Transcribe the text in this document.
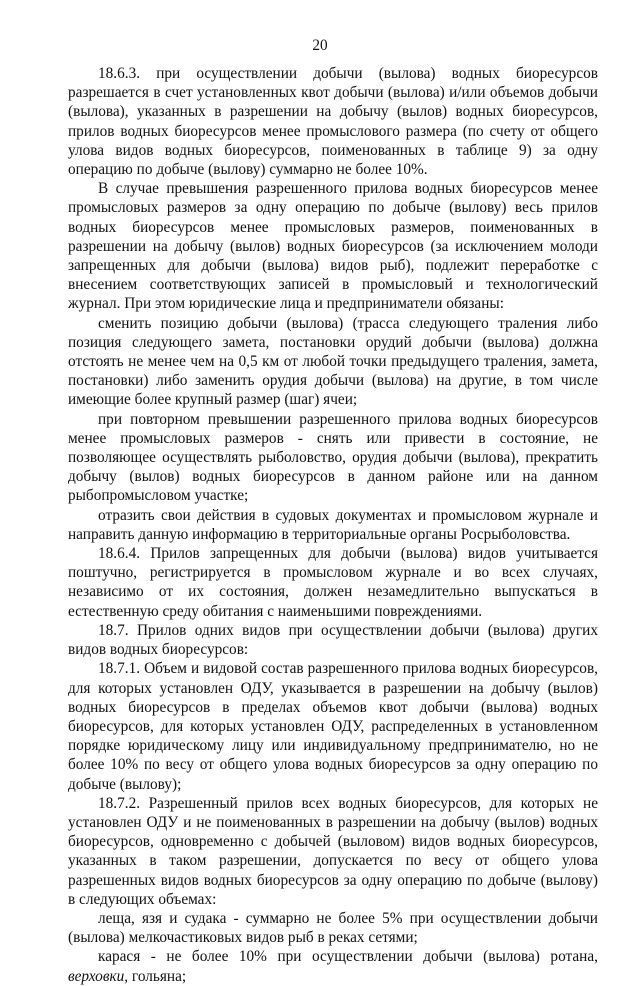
20

18.6.3. при осуществлении добычи (вылова) водных биоресурсов разрешается в счет установленных квот добычи (вылова) и/или объемов добычи (вылова), указанных в разрешении на добычу (вылов) водных биоресурсов, прилов водных биоресурсов менее промыслового размера (по счету от общего улова видов водных биоресурсов, поименованных в таблице 9) за одну операцию по добыче (вылову) суммарно не более 10%.

В случае превышения разрешенного прилова водных биоресурсов менее промысловых размеров за одну операцию по добыче (вылову) весь прилов водных биоресурсов менее промысловых размеров, поименованных в разрешении на добычу (вылов) водных биоресурсов (за исключением молоди запрещенных для добычи (вылова) видов рыб), подлежит переработке с внесением соответствующих записей в промысловый и технологический журнал. При этом юридические лица и предприниматели обязаны:

сменить позицию добычи (вылова) (трасса следующего траления либо позиция следующего замета, постановки орудий добычи (вылова) должна отстоять не менее чем на 0,5 км от любой точки предыдущего траления, замета, постановки) либо заменить орудия добычи (вылова) на другие, в том числе имеющие более крупный размер (шаг) ячеи;

при повторном превышении разрешенного прилова водных биоресурсов менее промысловых размеров - снять или привести в состояние, не позволяющее осуществлять рыболовство, орудия добычи (вылова), прекратить добычу (вылов) водных биоресурсов в данном районе или на данном рыбопромысловом участке;

отразить свои действия в судовых документах и промысловом журнале и направить данную информацию в территориальные органы Росрыболовства.

18.6.4. Прилов запрещенных для добычи (вылова) видов учитывается поштучно, регистрируется в промысловом журнале и во всех случаях, независимо от их состояния, должен незамедлительно выпускаться в естественную среду обитания с наименьшими повреждениями.

18.7. Прилов одних видов при осуществлении добычи (вылова) других видов водных биоресурсов:

18.7.1. Объем и видовой состав разрешенного прилова водных биоресурсов, для которых установлен ОДУ, указывается в разрешении на добычу (вылов) водных биоресурсов в пределах объемов квот добычи (вылова) водных биоресурсов, для которых установлен ОДУ, распределенных в установленном порядке юридическому лицу или индивидуальному предпринимателю, но не более 10% по весу от общего улова водных биоресурсов за одну операцию по добыче (вылову);

18.7.2. Разрешенный прилов всех водных биоресурсов, для которых не установлен ОДУ и не поименованных в разрешении на добычу (вылов) водных биоресурсов, одновременно с добычей (выловом) видов водных биоресурсов, указанных в таком разрешении, допускается по весу от общего улова разрешенных видов водных биоресурсов за одну операцию по добыче (вылову) в следующих объемах:

леща, язя и судака - суммарно не более 5% при осуществлении добычи (вылова) мелкочастиковых видов рыб в реках сетями;

карася - не более 10% при осуществлении добычи (вылова) ротана, верховки, гольяна;
